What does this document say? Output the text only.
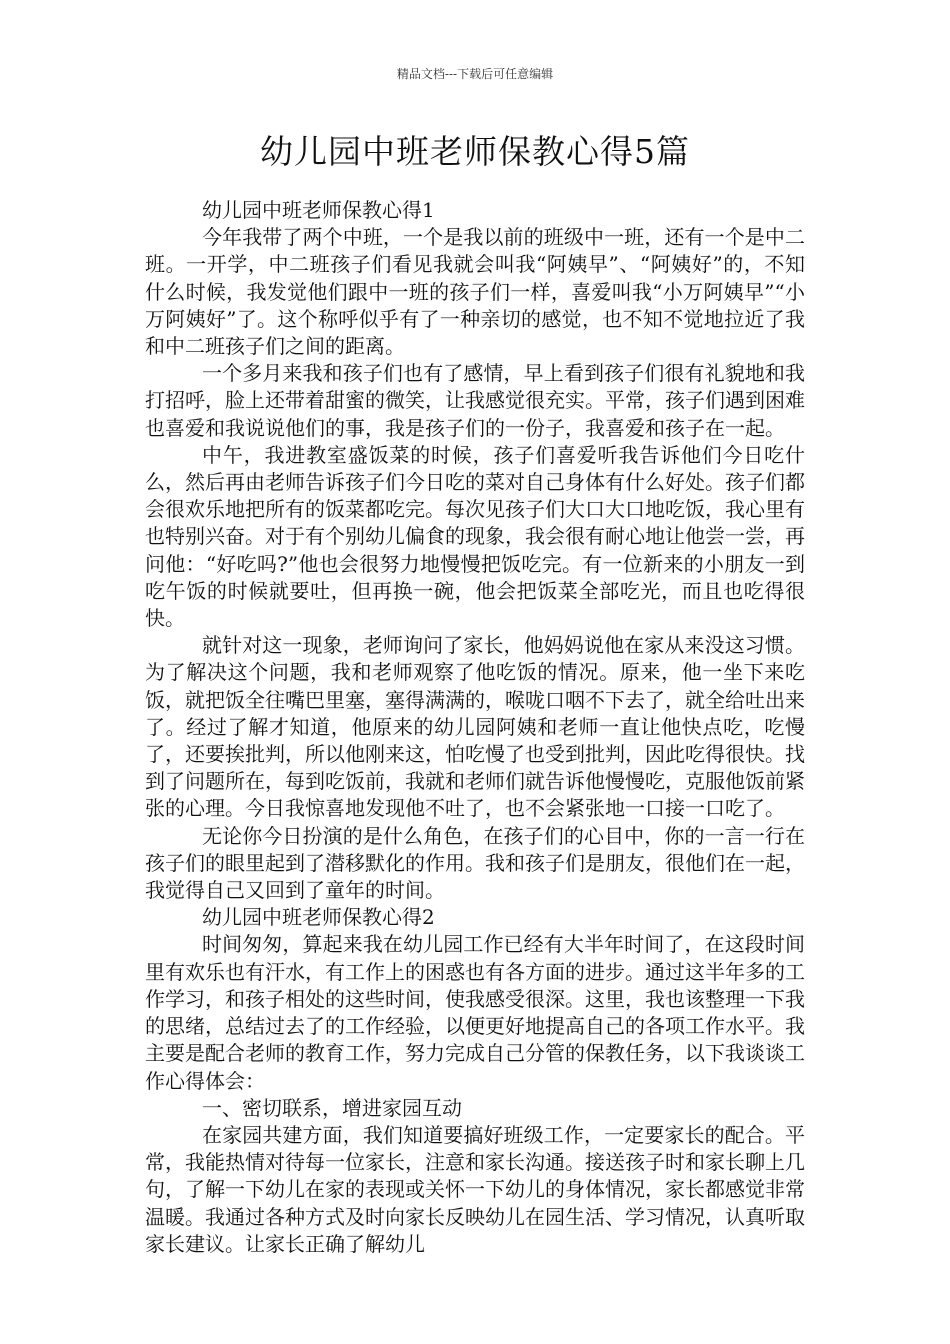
精品文档---下载后可任意编辑
幼儿园中班老师保教心得5篇

幼儿园中班老师保教心得1

今年我带了两个中班，一个是我以前的班级中一班，还有一个是中二班。一开学，中二班孩子们看见我就会叫我“阿姨早”、“阿姨好”的，不知什么时候，我发觉他们跟中一班的孩子们一样，喜爱叫我“小万阿姨早”“小万阿姨好”了。这个称呼似乎有了一种亲切的感觉，也不知不觉地拉近了我和中二班孩子们之间的距离。

一个多月来我和孩子们也有了感情，早上看到孩子们很有礼貌地和我打招呼，脸上还带着甜蜜的微笑，让我感觉很充实。平常，孩子们遇到困难也喜爱和我说说他们的事，我是孩子们的一份子，我喜爱和孩子在一起。

中午，我进教室盛饭菜的时候，孩子们喜爱听我告诉他们今日吃什么，然后再由老师告诉孩子们今日吃的菜对自己身体有什么好处。孩子们都会很欢乐地把所有的饭菜都吃完。每次见孩子们大口大口地吃饭，我心里有也特别兴奋。对于有个别幼儿偏食的现象，我会很有耐心地让他尝一尝，再问他：“好吃吗?”他也会很努力地慢慢把饭吃完。有一位新来的小朋友一到吃午饭的时候就要吐，但再换一碗，他会把饭菜全部吃光，而且也吃得很快。

就针对这一现象，老师询问了家长，他妈妈说他在家从来没这习惯。为了解决这个问题，我和老师观察了他吃饭的情况。原来，他一坐下来吃饭，就把饭全往嘴巴里塞，塞得满满的，喉咙口咽不下去了，就全给吐出来了。经过了解才知道，他原来的幼儿园阿姨和老师一直让他快点吃，吃慢了，还要挨批判，所以他刚来这，怕吃慢了也受到批判，因此吃得很快。找到了问题所在，每到吃饭前，我就和老师们就告诉他慢慢吃，克服他饭前紧张的心理。今日我惊喜地发现他不吐了，也不会紧张地一口接一口吃了。

无论你今日扮演的是什么角色，在孩子们的心目中，你的一言一行在孩子们的眼里起到了潜移默化的作用。我和孩子们是朋友，很他们在一起，我觉得自己又回到了童年的时间。

幼儿园中班老师保教心得2

时间匆匆，算起来我在幼儿园工作已经有大半年时间了，在这段时间里有欢乐也有汗水，有工作上的困惑也有各方面的进步。通过这半年多的工作学习，和孩子相处的这些时间，使我感受很深。这里，我也该整理一下我的思绪，总结过去了的工作经验，以便更好地提高自己的各项工作水平。我主要是配合老师的教育工作，努力完成自己分管的保教任务，以下我谈谈工作心得体会：

一、密切联系，增进家园互动

在家园共建方面，我们知道要搞好班级工作，一定要家长的配合。平常，我能热情对待每一位家长，注意和家长沟通。接送孩子时和家长聊上几句，了解一下幼儿在家的表现或关怀一下幼儿的身体情况，家长都感觉非常温暖。我通过各种方式及时向家长反映幼儿在园生活、学习情况，认真听取家长建议。让家长正确了解幼儿
